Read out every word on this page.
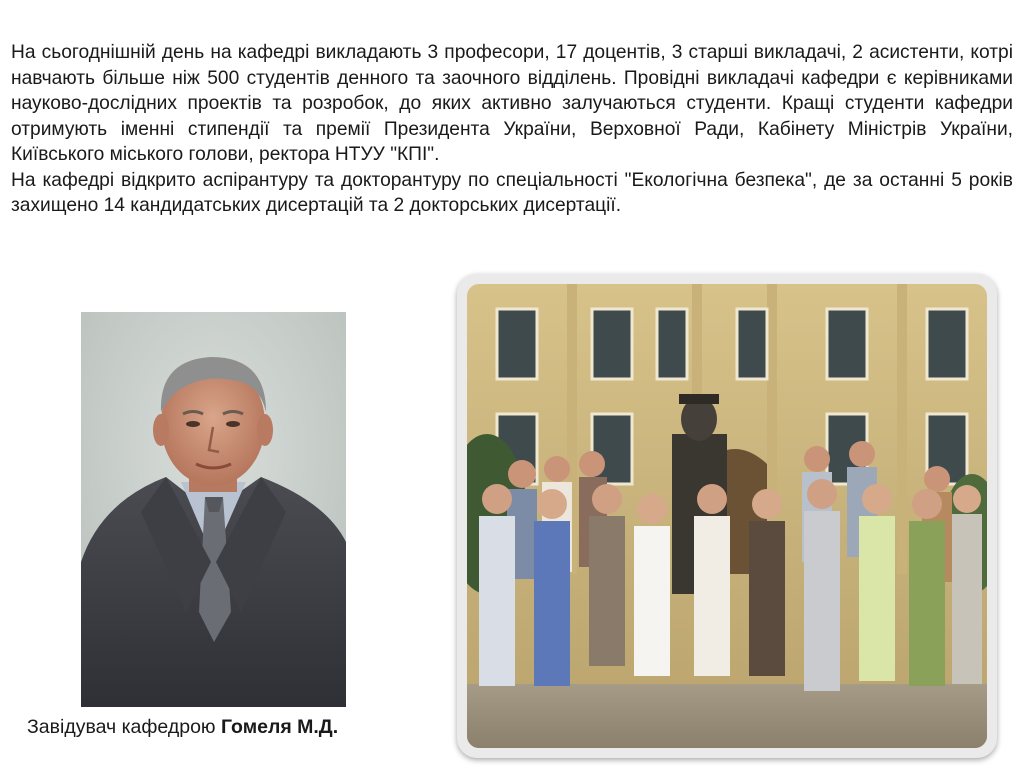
На сьогоднішній день на кафедрі викладають 3 професори, 17 доцентів, 3 старші викладачі, 2 асистенти, котрі навчають більше ніж 500 студентів денного та заочного відділень. Провідні викладачі кафедри є керівниками науково-дослідних проектів та розробок, до яких активно залучаються студенти. Кращі студенти кафедри отримують іменні стипендії та премії Президента України, Верховної Ради, Кабінету Міністрів України, Київського міського голови, ректора НТУУ "КПІ".

На кафедрі відкрито аспірантуру та докторантуру по спеціальності "Екологічна безпека", де за останні 5 років захищено 14 кандидатських дисертацій та 2 докторських дисертації.

Завідувач кафедрою Гомеля М.Д.
